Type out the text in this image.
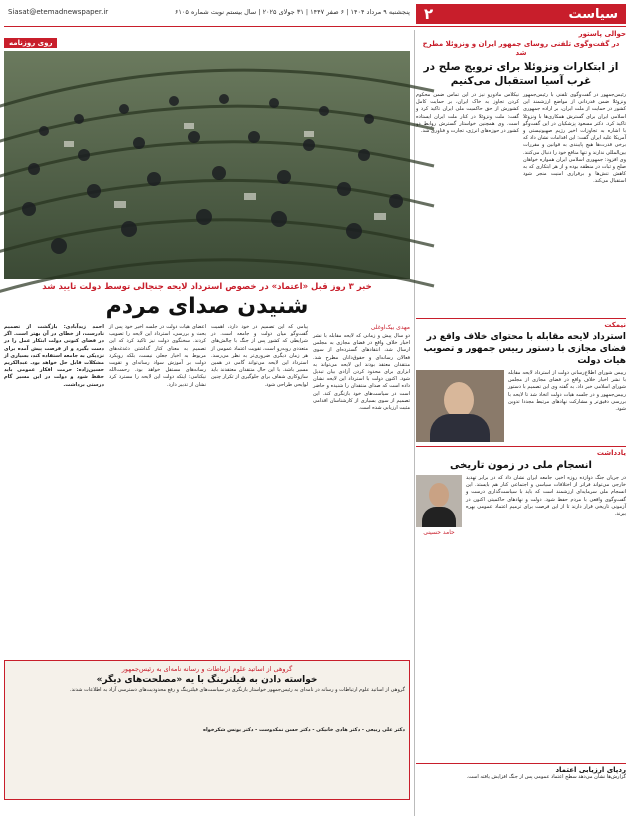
سیاست
۲
پنجشنبه ۹ مرداد ۱۴۰۴ | ۶ صفر ۱۴۴۷ | ۳۱ جولای ۲۰۲۵ | سال بیستم نوبت شماره ۶۱۰۵
Siasat@etemadnewspaper.ir
حوالی پاستور
در گفت‌وگوی تلفنی روسای جمهور ایران و ونزوئلا مطرح شد
از ابتکارات ونزوئلا برای ترویج صلح در غرب آسیا استقبال می‌کنیم
رئیس‌جمهور در گفت‌وگوی تلفنی با رئیس‌جمهور ونزوئلا ضمن قدردانی از مواضع ارزشمند این کشور در حمایت از ملت ایران، بر اراده جمهوری اسلامی ایران برای گسترش همکاری‌ها با ونزوئلا تاکید کرد. دکتر مسعود پزشکیان در این گفت‌وگو با اشاره به تجاوزات اخیر رژیم صهیونیستی و آمریکا علیه ایران گفت: این اقدامات نشان داد که برخی قدرت‌ها هیچ پایبندی به قوانین و مقررات بین‌المللی ندارند و تنها منافع خود را دنبال می‌کنند. وی افزود: جمهوری اسلامی ایران همواره خواهان صلح و ثبات در منطقه بوده و از هر ابتکاری که به کاهش تنش‌ها و برقراری امنیت منجر شود استقبال می‌کند.
نیکلاس مادورو نیز در این تماس ضمن محکوم کردن تجاوز به خاک ایران، بر حمایت کامل کشورش از حق حاکمیت ملی ایران تاکید کرد و گفت: ملت ونزوئلا در کنار ملت ایران ایستاده است. وی همچنین خواستار گسترش روابط دو کشور در حوزه‌های انرژی، تجارت و فناوری شد.
نیمکت
استرداد لایحه مقابله با محتوای خلاف واقع در فضای مجازی با دستور رییس جمهور و تصویب هیات دولت
رییس شورای اطلاع‌رسانی دولت از استرداد لایحه مقابله با نشر اخبار خلاف واقع در فضای مجازی از مجلس شورای اسلامی خبر داد. به گفته وی این تصمیم با دستور رییس‌جمهور و در جلسه هیات دولت اتخاذ شد تا لایحه با بررسی دقیق‌تر و مشارکت نهادهای مرتبط مجددا تدوین شود.
یادداشت
انسجام ملی در زمون تاریخی
در جریان جنگ دوازده روزه اخیر، جامعه ایران نشان داد که در برابر تهدید خارجی می‌تواند فراتر از اختلافات سیاسی و اجتماعی کنار هم بایستد. این انسجام ملی سرمایه‌ای ارزشمند است که باید با سیاست‌گذاری درست و گفت‌وگوی واقعی با مردم حفظ شود. دولت و نهادهای حاکمیتی اکنون در آزمونی تاریخی قرار دارند تا از این فرصت برای ترمیم اعتماد عمومی بهره ببرند.
حامد حسینی
ردپای ارزیابی اعتماد
گزارش‌ها نشان می‌دهد سطح اعتماد عمومی پس از جنگ افزایش یافته است.
روی روزنامه
خبر ۳ روز قبل «اعتماد» در خصوص استرداد لایحه جنجالی توسط دولت تایید شد
شنیدن صدای مردم
مهدی بیک‌اوغلی
دو سال پیش و زمانی که لایحه مقابله با نشر اخبار خلاف واقع در فضای مجازی به مجلس ارسال شد، انتقادهای گسترده‌ای از سوی فعالان رسانه‌ای و حقوق‌دانان مطرح شد. منتقدان معتقد بودند این لایحه می‌تواند به ابزاری برای محدود کردن آزادی بیان تبدیل شود. اکنون دولت با استرداد این لایحه نشان داده است که صدای منتقدان را شنیده و حاضر است در سیاست‌های خود بازنگری کند. این تصمیم از سوی بسیاری از کارشناسان اقدامی مثبت ارزیابی شده است.
پیامی که این تصمیم در خود دارد، اهمیت گفت‌وگو میان دولت و جامعه است. در شرایطی که کشور پس از جنگ با چالش‌های متعددی روبه‌رو است، تقویت اعتماد عمومی از هر زمان دیگری ضروری‌تر به نظر می‌رسد. استرداد این لایحه می‌تواند گامی در همین مسیر باشد. با این حال منتقدان معتقدند باید سازوکاری شفاف برای جلوگیری از تکرار چنین لوایحی طراحی شود.
اعضای هیات دولت در جلسه اخیر خود پس از بحث و بررسی، استرداد این لایحه را تصویب کردند. سخنگوی دولت نیز تاکید کرد که این تصمیم به معنای کنار گذاشتن دغدغه‌های مربوط به اخبار جعلی نیست، بلکه رویکرد دولت بر آموزش سواد رسانه‌ای و تقویت رسانه‌های مستقل خواهد بود. رحمت‌الله نیکنامی: اینکه دولت این لایحه را مسترد کرد نشان از تدبیر دارد.
احمد زیدآبادی: بازگشت از تصمیم نادرست، از خطای در آن بهتر است. اگر در فضای کنونی دولت ابتکار عمل را در دست بگیرد و از فرصت پیش آمده برای نزدیکی به جامعه استفاده کند، بسیاری از مشکلات قابل حل خواهد بود. عبدالکریم حسین‌زاده: حرمت افکار عمومی باید حفظ شود و دولت در این مسیر گام درستی برداشت.
گروهی از اساتید علوم ارتباطات و رسانه نامه‌ای به رئیس‌جمهور
خواسته دادن به فیلترینگ با یه «مصلحت‌های دیگر»
گروهی از اساتید علوم ارتباطات و رسانه در نامه‌ای به رئیس‌جمهور خواستار بازنگری در سیاست‌های فیلترینگ و رفع محدودیت‌های دسترسی آزاد به اطلاعات شدند.
دکتر علی ربیعی - دکتر هادی خانیکی - دکتر حسن نمکدوست - دکتر یونس شکرخواه
